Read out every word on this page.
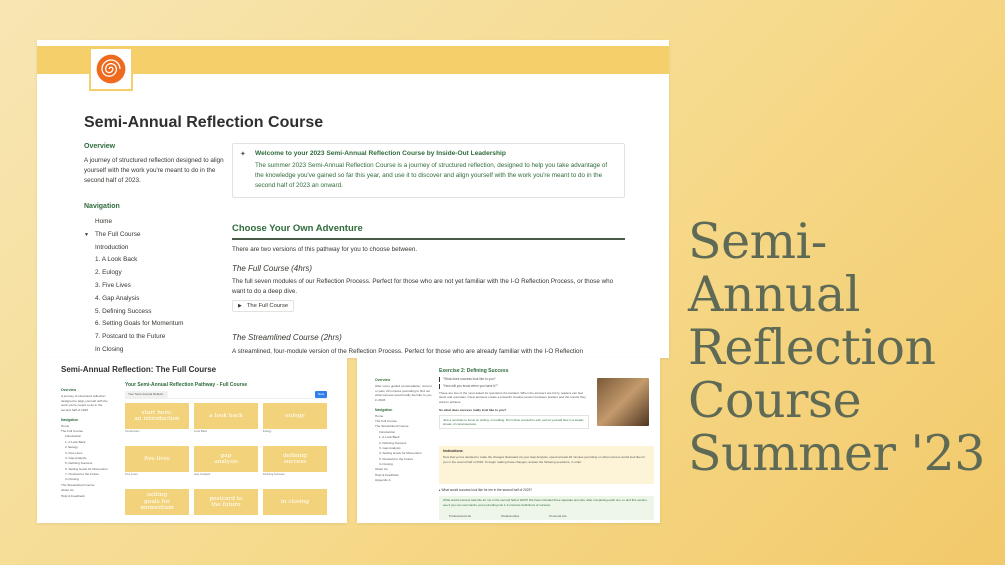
Semi-Annual Reflection Course
Overview
A journey of structured reflection designed to align yourself with the work you're meant to do in the second half of 2023.
Navigation
Home
▼ The Full Course
Introduction
1. A Look Back
2. Eulogy
3. Five Lives
4. Gap Analysis
5. Defining Success
6. Setting Goals for Momentum
7. Postcard to the Future
In Closing
✦ Welcome to your 2023 Semi-Annual Reflection Course by Inside-Out Leadership
The summer 2023 Semi-Annual Reflection Course is a journey of structured reflection, designed to help you take advantage of the knowledge you've gained so far this year, and use it to discover and align yourself with the work you're meant to do in the second half of 2023 an onward.
Choose Your Own Adventure
There are two versions of this pathway for you to choose between.
The Full Course (4hrs)
The full seven modules of our Reflection Process. Perfect for those who are not yet familiar with the I-O Reflection Process, or those who want to do a deep dive.
▶ The Full Course
The Streamlined Course (2hrs)
A streamlined, four-module version of the Reflection Process. Perfect for those who are already familiar with the I-O Reflection
Semi-Annual Reflection: The Full Course
Overview
A journey of structured reflection designed to align yourself with the work you're meant to do in the second half of 2023.
Navigation
Home
The Full Course
Introduction
1. A Look Back
2. Eulogy
3. Five Lives
4. Gap Analysis
5. Defining Success
6. Setting Goals for Momentum
7. Postcard to the Future
In Closing
The Streamlined Course
About Us
Help & Feedback
Your Semi-Annual Reflection Pathway - Full Course
Your Semi-Annual Reflecti...	New
start here:
an introduction
Introduction
a look back
Look Back
eulogy
Eulogy
five lives
Five Lives
gap
analysis
Gap Analysis
defining
success
Defining Success
setting
goals for
momentum
postcard to
the future
in closing
Overview
After some guided contemplation, current or past, 20 minutes journaling to find out what success would really feel like to you in 2023.
Navigation
Home
The Full Course
The Streamlined Course
Introduction
1. A Look Back
2. Defining Success
3. Gap Analysis
4. Setting Goals for Momentum
5. Postcard to the Future
In Closing
About Us
Help & Feedback
Appendix A
Exercise 2: Defining Success
"What does success look like to you?
"How will you know when you have it?"
These are two of the most asked for questions the hardest. When the answers are fuzzy, leaders can feel stuck and uncertain. Clear answers create a powerful creative tension between leaders and the results they want to achieve.
So what does success really look like to you?
Just a reminder to focus on writing, not editing. Don't drive yourself to edit, just let yourself flow in a steady stream of consciousness.
Instructions:
Now that you've decided to make the changes illustrated via your Gap Analysis, spend at least 20 minutes journaling on what success would look like for you in the second half of 2023. To begin making those changes, answer the following questions, in order:
▸ What would success look like for me in the second half of 2023?
What would success look like for me in the second half of 2023? We have included three separate prompts, after completing each one, to and this section, see if you can summarize your journaling into 1-3 concrete definitions of success.
Professional Life	Relationships	Personal Life
Semi-
Annual
Reflection
Course
Summer '23
